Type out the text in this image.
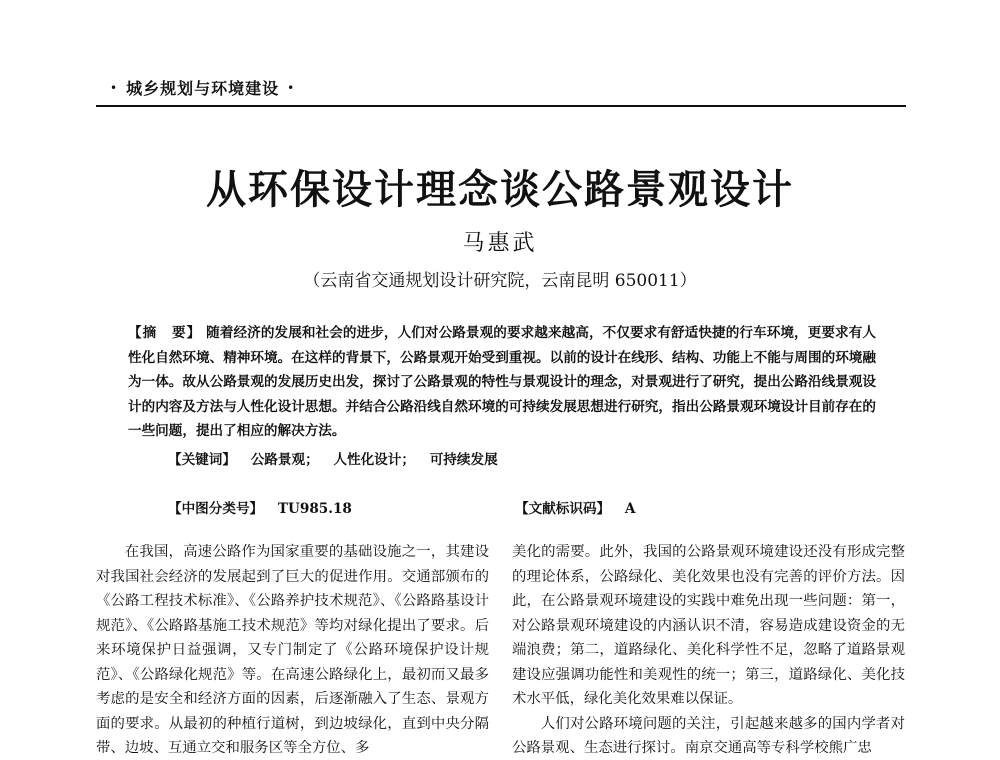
• 城乡规划与环境建设 •
从环保设计理念谈公路景观设计
马惠武
（云南省交通规划设计研究院，云南昆明 650011）
【摘　要】 随着经济的发展和社会的进步，人们对公路景观的要求越来越高，不仅要求有舒适快捷的行车环境，更要求有人性化自然环境、精神环境。在这样的背景下，公路景观开始受到重视。以前的设计在线形、结构、功能上不能与周围的环境融为一体。故从公路景观的发展历史出发，探讨了公路景观的特性与景观设计的理念，对景观进行了研究，提出公路沿线景观设计的内容及方法与人性化设计思想。并结合公路沿线自然环境的可持续发展思想进行研究，指出公路景观环境设计目前存在的一些问题，提出了相应的解决方法。
【关键词】 公路景观； 人性化设计； 可持续发展
【中图分类号】 TU985.18	【文献标识码】 A

在我国，高速公路作为国家重要的基础设施之一，其建设对我国社会经济的发展起到了巨大的促进作用。交通部颁布的《公路工程技术标准》、《公路养护技术规范》、《公路路基设计规范》、《公路路基施工技术规范》等均对绿化提出了要求。后来环境保护日益强调，又专门制定了《公路环境保护设计规范》、《公路绿化规范》等。在高速公路绿化上，最初而又最多考虑的是安全和经济方面的因素，后逐渐融入了生态、景观方面的要求。从最初的种植行道树，到边坡绿化，直到中央分隔带、边坡、互通立交和服务区等全方位、多

美化的需要。此外，我国的公路景观环境建设还没有形成完整的理论体系，公路绿化、美化效果也没有完善的评价方法。因此，在公路景观环境建设的实践中难免出现一些问题：第一，对公路景观环境建设的内涵认识不清，容易造成建设资金的无端浪费；第二，道路绿化、美化科学性不足，忽略了道路景观建设应强调功能性和美观性的统一；第三，道路绿化、美化技术水平低，绿化美化效果难以保证。

人们对公路环境问题的关注，引起越来越多的国内学者对公路景观、生态进行探讨。南京交通高等专科学校熊广忠
